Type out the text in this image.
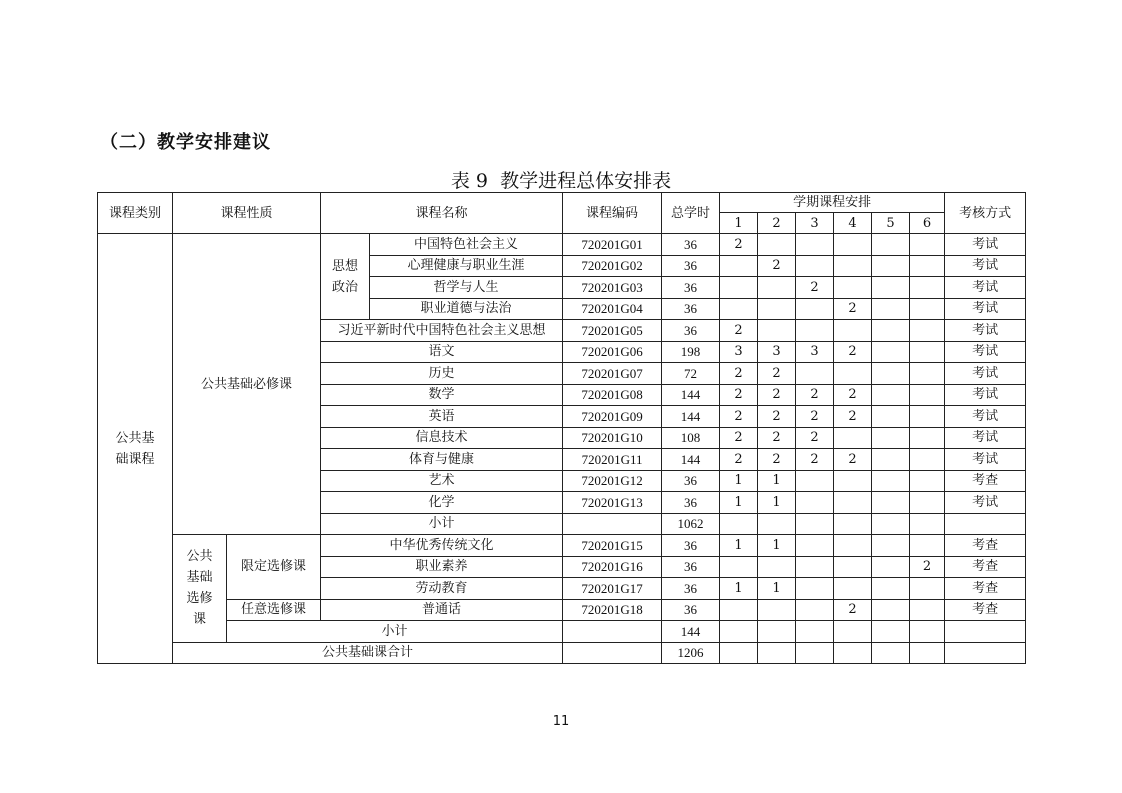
（二）教学安排建议
表 9 教学进程总体安排表
课程类别	课程性质		课程名称		课程编码	总学时	学期课程安排						考核方式
							1	2	3	4	5	6	
公共基础课程	公共基础必修课		思想政治	中国特色社会主义	720201G01	36	2						考试
				心理健康与职业生涯	720201G02	36		2					考试
				哲学与人生	720201G03	36			2				考试
				职业道德与法治	720201G04	36				2			考试
			习近平新时代中国特色社会主义思想		720201G05	36	2						考试
			语文		720201G06	198	3	3	3	2			考试
			历史		720201G07	72	2	2					考试
			数学		720201G08	144	2	2	2	2			考试
			英语		720201G09	144	2	2	2	2			考试
			信息技术		720201G10	108	2	2	2				考试
			体育与健康		720201G11	144	2	2	2	2			考试
			艺术		720201G12	36	1	1					考查
			化学		720201G13	36	1	1					考试
			小计			1062							
	公共基础选修课	限定选修课	中华优秀传统文化		720201G15	36	1	1					考查
			职业素养		720201G16	36						2	考查
			劳动教育		720201G17	36	1	1					考查
		任意选修课	普通话		720201G18	36				2			考查
		小计				144							
	公共基础课合计					1206							
11
